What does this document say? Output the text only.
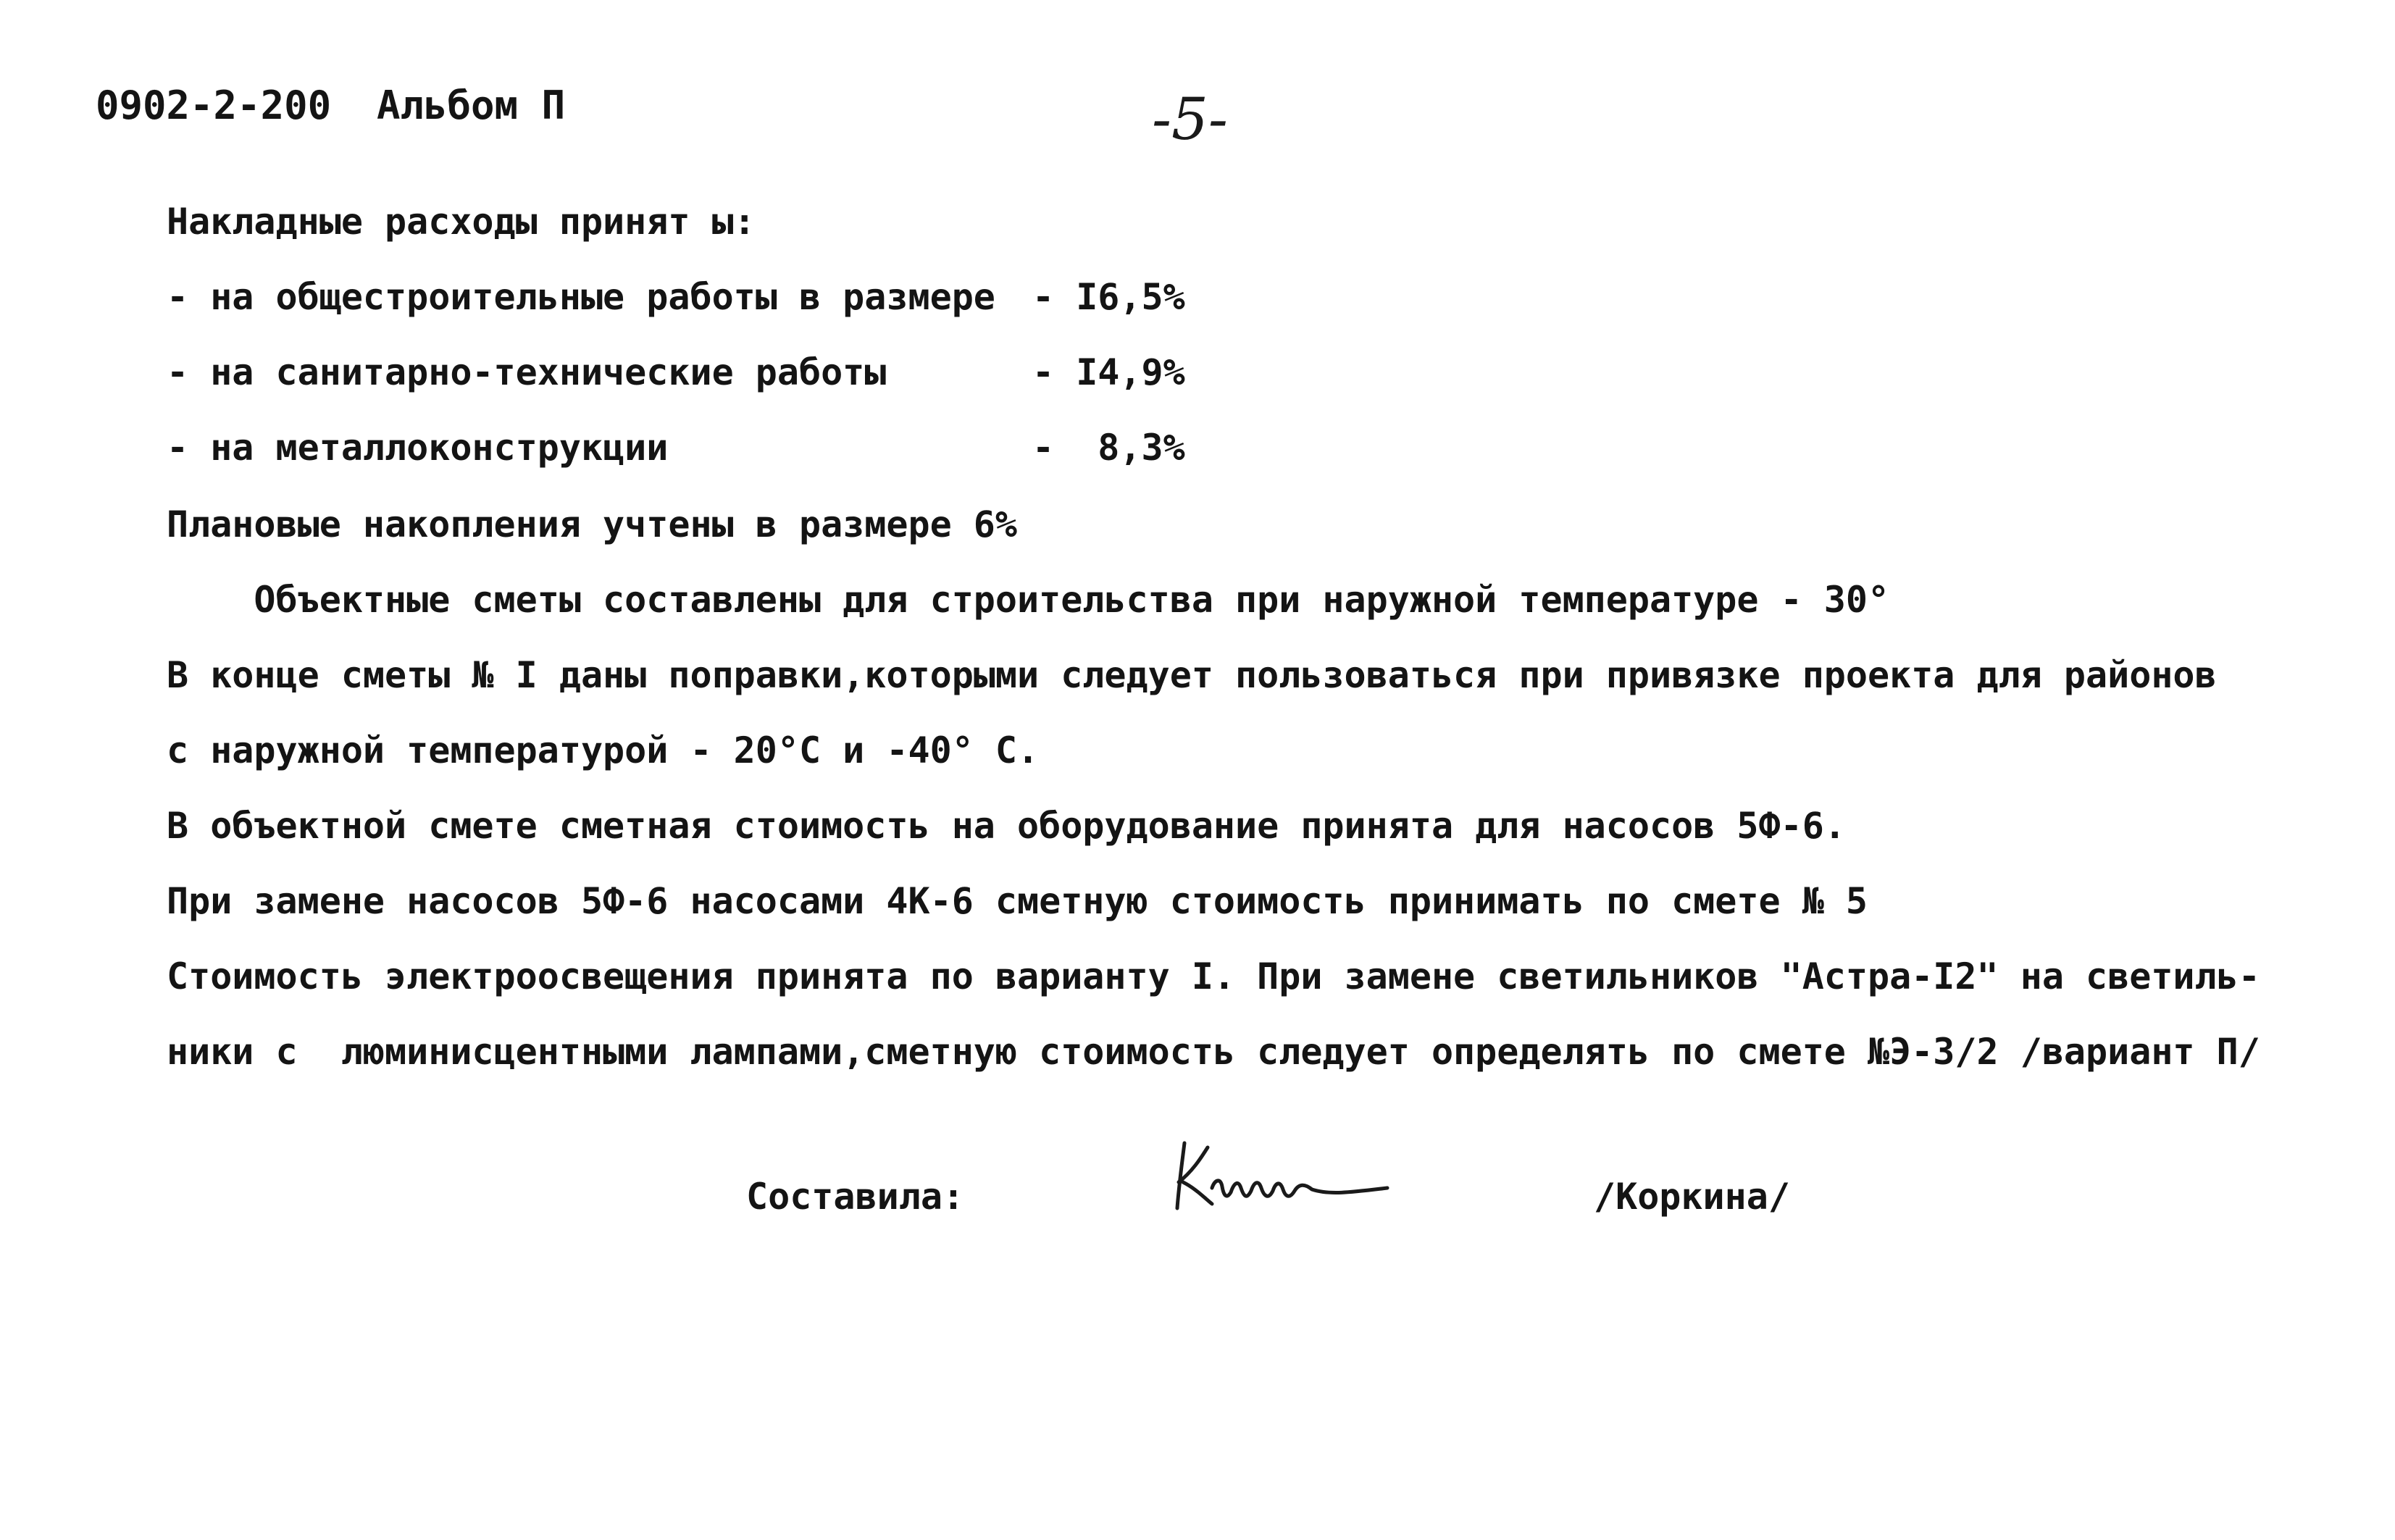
0902-2-200 Альбом П	-5-
Накладные расходы принят ы:
- на общестроительные работы в размере - I6,5%
- на санитарно-технические работы	- I4,9%
- на металлоконструкции	-  8,3%
Плановые накопления учтены в размере 6%
Объектные сметы составлены для строительства при наружной температуре - 30°
В конце сметы № I даны поправки,которыми следует пользоваться при привязке проекта для районов
с наружной температурой - 20°С и -40° С.
В объектной смете сметная стоимость на оборудование принята для насосов 5Ф-6.
При замене насосов 5Ф-6 насосами 4К-6 сметную стоимость принимать по смете № 5
Стоимость электроосвещения принята по варианту I. При замене светильников "Астра-I2" на светиль-
ники с  люминисцентными лампами,сметную стоимость следует определять по смете №Э-3/2 /вариант П/
Составила:	/Коркина/
